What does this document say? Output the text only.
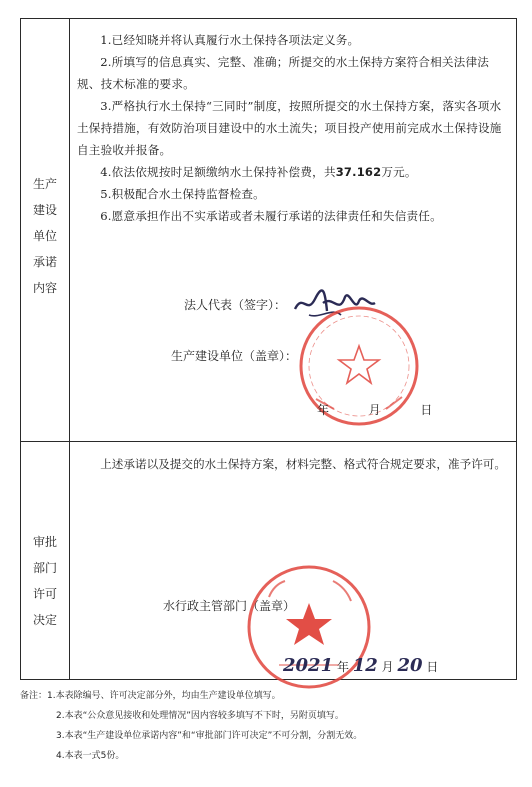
生产
建设
单位
承诺
内容

1.已经知晓并将认真履行水土保持各项法定义务。

2.所填写的信息真实、完整、准确；所提交的水土保持方案符合相关法律法规、技术标准的要求。

3.严格执行水土保持“三同时”制度，按照所提交的水土保持方案，落实各项水土保持措施，有效防治项目建设中的水土流失；项目投产使用前完成水土保持设施自主验收并报备。

4.依法依规按时足额缴纳水土保持补偿费，共37.162万元。

5.积极配合水土保持监督检查。

6.愿意承担作出不实承诺或者未履行承诺的法律责任和失信责任。

法人代表（签字）：
生产建设单位（盖章）：
年	月	日
审批
部门
许可
决定

上述承诺以及提交的水土保持方案，材料完整、格式符合规定要求，准予许可。

水行政主管部门（盖章）
2021 年 12 月 20 日
备注：1.本表除编号、许可决定部分外，均由生产建设单位填写。
2.本表“公众意见接收和处理情况”因内容较多填写不下时，另附页填写。
3.本表“生产建设单位承诺内容”和“审批部门许可决定”不可分割，分割无效。
4.本表一式5份。
